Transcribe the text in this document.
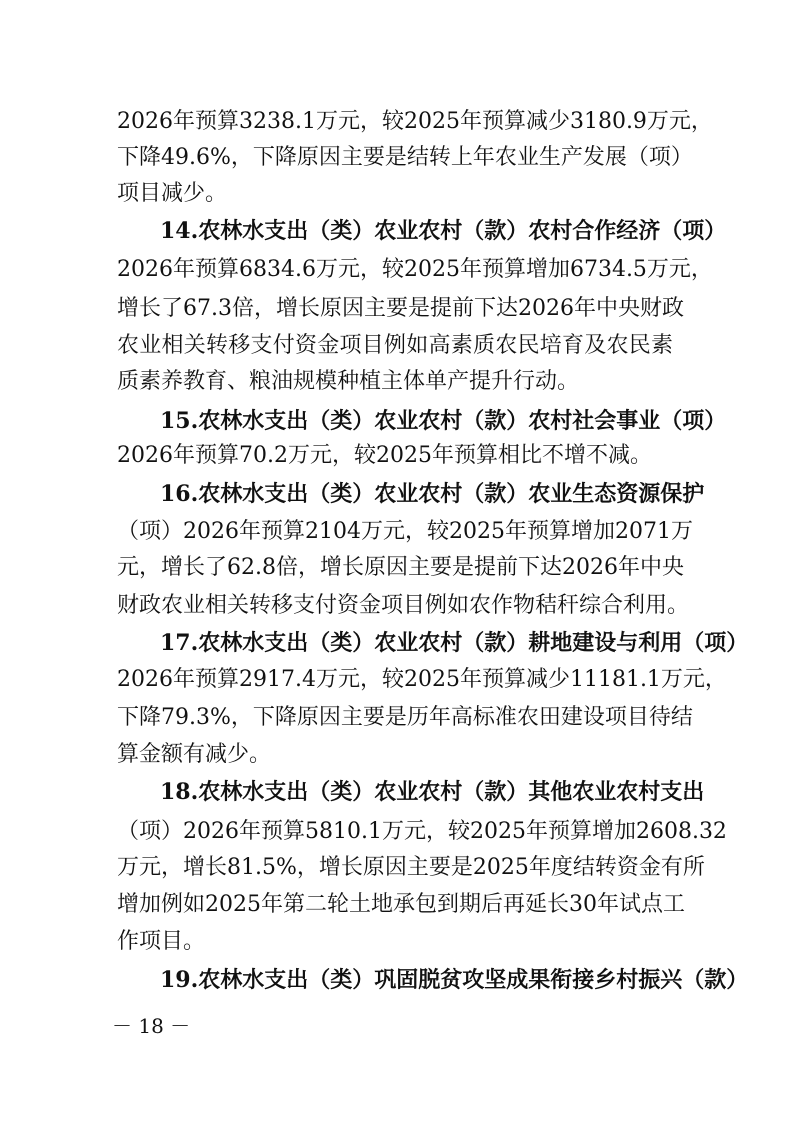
2026年预算3238.1万元，较2025年预算减少3180.9万元，
下降49.6%，下降原因主要是结转上年农业生产发展（项）
项目减少。
14.农林水支出（类）农业农村（款）农村合作经济（项）
2026年预算6834.6万元，较2025年预算增加6734.5万元，
增长了67.3倍，增长原因主要是提前下达2026年中央财政
农业相关转移支付资金项目例如高素质农民培育及农民素
质素养教育、粮油规模种植主体单产提升行动。
15.农林水支出（类）农业农村（款）农村社会事业（项）
2026年预算70.2万元，较2025年预算相比不增不减。
16.农林水支出（类）农业农村（款）农业生态资源保护
（项）2026年预算2104万元，较2025年预算增加2071万
元，增长了62.8倍，增长原因主要是提前下达2026年中央
财政农业相关转移支付资金项目例如农作物秸秆综合利用。
17.农林水支出（类）农业农村（款）耕地建设与利用（项）
2026年预算2917.4万元，较2025年预算减少11181.1万元，
下降79.3%，下降原因主要是历年高标准农田建设项目待结
算金额有减少。
18.农林水支出（类）农业农村（款）其他农业农村支出
（项）2026年预算5810.1万元，较2025年预算增加2608.32
万元，增长81.5%，增长原因主要是2025年度结转资金有所
增加例如2025年第二轮土地承包到期后再延长30年试点工
作项目。
19.农林水支出（类）巩固脱贫攻坚成果衔接乡村振兴（款）
－ 18 －
